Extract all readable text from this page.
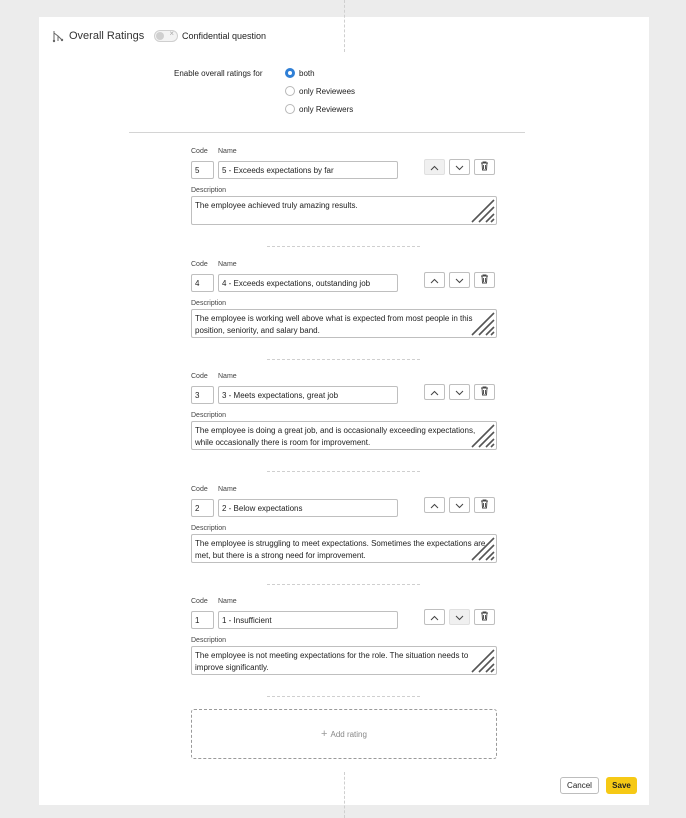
Overall Ratings	× Confidential question
Enable overall ratings for	both
only Reviewees
only Reviewers
Code Name
5	5 - Exceeds expectations by far
Description
The employee achieved truly amazing results.
Code Name
4	4 - Exceeds expectations, outstanding job
Description
The employee is working well above what is expected from most people in this position, seniority, and salary band.
Code Name
3	3 - Meets expectations, great job
Description
The employee is doing a great job, and is occasionally exceeding expectations, while occasionally there is room for improvement.
Code Name
2	2 - Below expectations
Description
The employee is struggling to meet expectations. Sometimes the expectations are met, but there is a strong need for improvement.
Code Name
1	1 - Insufficient
Description
The employee is not meeting expectations for the role. The situation needs to improve significantly.
+ Add rating
Cancel	Save
